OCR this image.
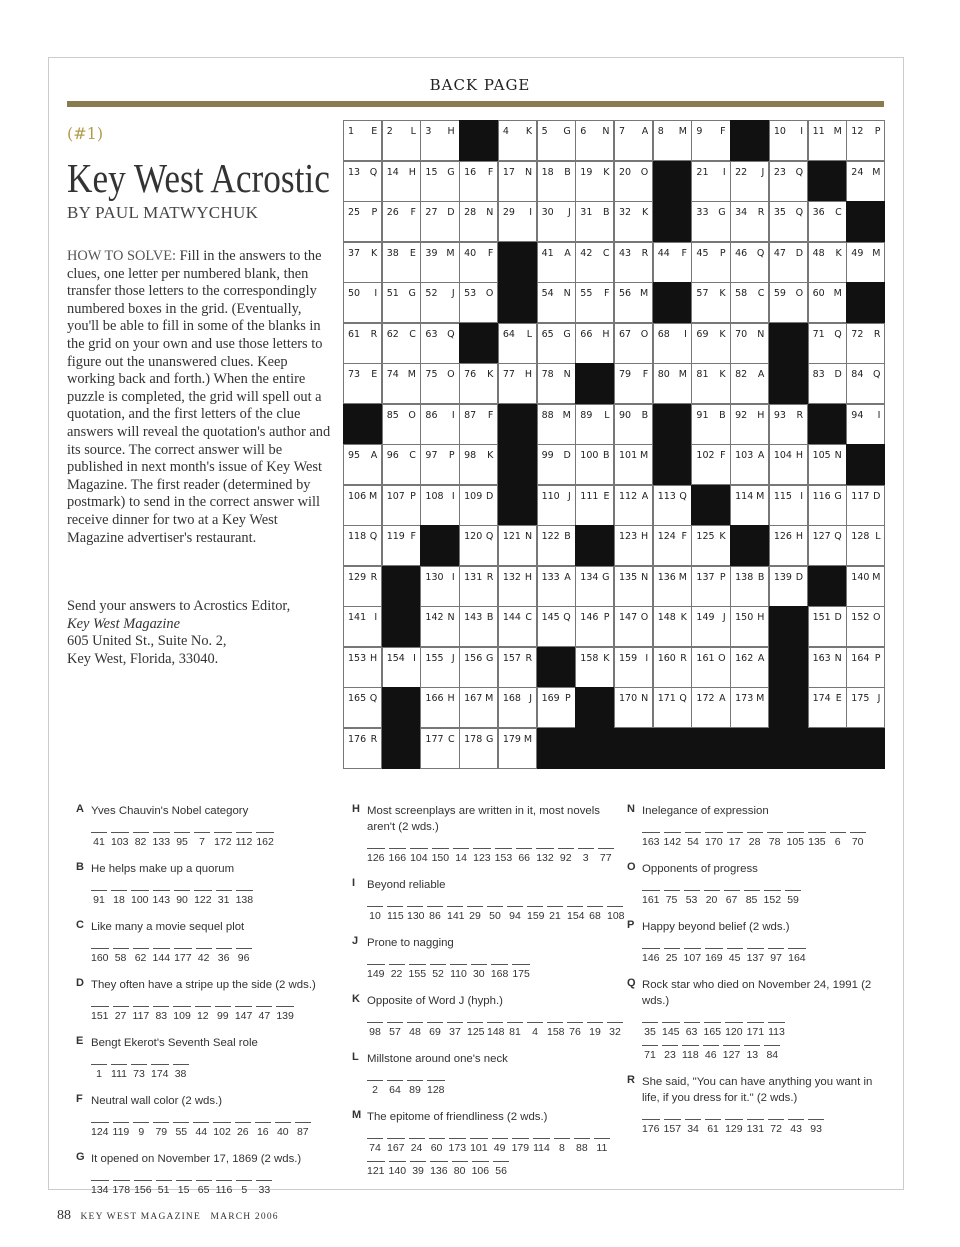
BACK PAGE
(#1)
Key West Acrostic
BY PAUL MATWYCHUK
HOW TO SOLVE: Fill in the answers to the clues, one letter per numbered blank, then transfer those letters to the correspondingly numbered boxes in the grid. (Eventually, you'll be able to fill in some of the blanks in the grid on your own and use those letters to figure out the unanswered clues. Keep working back and forth.) When the entire puzzle is completed, the grid will spell out a quotation, and the first letters of the clue answers will reveal the quotation's author and its source. The correct answer will be published in next month's issue of Key West Magazine. The first reader (determined by postmark) to send in the correct answer will receive dinner for two at a Key West Magazine advertiser's restaurant.
Send your answers to Acrostics Editor,
Key West Magazine
605 United St., Suite No. 2,
Key West, Florida, 33040.
1 E 2 L 3 H	4 K 5 G 6 N 7 A 8 M 9 F	10 I 11 M 12 P
13 Q 14 H 15 G 16 F 17 N 18 B 19 K 20 O	21 I 22 J 23 Q	24 M
25 P 26 F 27 D 28 N 29 I 30 J 31 B 32 K	33 G 34 R 35 Q 36 C
37 K 38 E 39 M 40 F	41 A 42 C 43 R 44 F 45 P 46 Q 47 D 48 K 49 M
50 I 51 G 52 J 53 O	54 N 55 F 56 M	57 K 58 C 59 O 60 M
61 R 62 C 63 Q	64 L 65 G 66 H 67 O 68 I 69 K 70 N	71 Q 72 R
73 E 74 M 75 O 76 K 77 H 78 N	79 F 80 M 81 K 82 A	83 D 84 Q
85 O 86 I 87 F	88 M 89 L 90 B	91 B 92 H 93 R	94 I
95 A 96 C 97 P 98 K	99 D 100 B 101 M	102 F 103 A 104 H 105 N
106 M 107 P 108 I 109 D	110 J 111 E 112 A 113 Q	114 M 115 I 116 G 117 D
118 Q 119 F	120 Q 121 N 122 B	123 H 124 F 125 K	126 H 127 Q 128 L
129 R	130 I 131 R 132 H 133 A 134 G 135 N 136 M 137 P 138 B 139 D	140 M
141 I	142 N 143 B 144 C 145 Q 146 P 147 O 148 K 149 J 150 H	151 D 152 O
153 H 154 I 155 J 156 G 157 R	158 K 159 I 160 R 161 O 162 A	163 N 164 P
165 Q	166 H 167 M 168 J 169 P	170 N 171 Q 172 A 173 M	174 E 175 J
176 R	177 C 178 G 179 M
A Yves Chauvin's Nobel category
41 103 82 133 95	7 172 112 162
B He helps make up a quorum
91 18 100 143 90 122 31 138
C Like many a movie sequel plot
160 58 62 144 177 42 36 96
D They often have a stripe up the side (2 wds.)
151 27 117 83 109 12 99 147 47 139
E Bengt Ekerot's Seventh Seal role
1 111 73 174 38
F Neutral wall color (2 wds.)
124 119 9	79 55 44 102 26 16 40 87
G It opened on November 17, 1869 (2 wds.)
134 178 156 51 15 65 116 5	33
H Most screenplays are written in it, most novels aren't (2 wds.)
126 166 104 150 14 123 153 66 132 92	3	77
I Beyond reliable
10 115 130 86 141 29 50 94 159 21 154 68 108
J Prone to nagging
149 22 155 52 110 30 168 175
K Opposite of Word J (hyph.)
98 57 48 69 37 125 148 81	4 158 76 19 32
L Millstone around one's neck
2	64 89 128
M The epitome of friendliness (2 wds.)
74 167 24 60 173 101 49 179 114 8	88 11
121 140 39 136 80 106 56
N Inelegance of expression
163 142 54 170 17 28 78 105 135 6	70
O Opponents of progress
161 75 53 20 67 85 152 59
P Happy beyond belief (2 wds.)
146 25 107 169 45 137 97 164
Q Rock star who died on November 24, 1991 (2 wds.)
35 145 63 165 120 171 113
71 23 118 46 127 13 84
R She said, "You can have anything you want in life, if you dress for it." (2 wds.)
176 157 34 61 129 131 72 43 93
88 KEY WEST MAGAZINE MARCH 2006
